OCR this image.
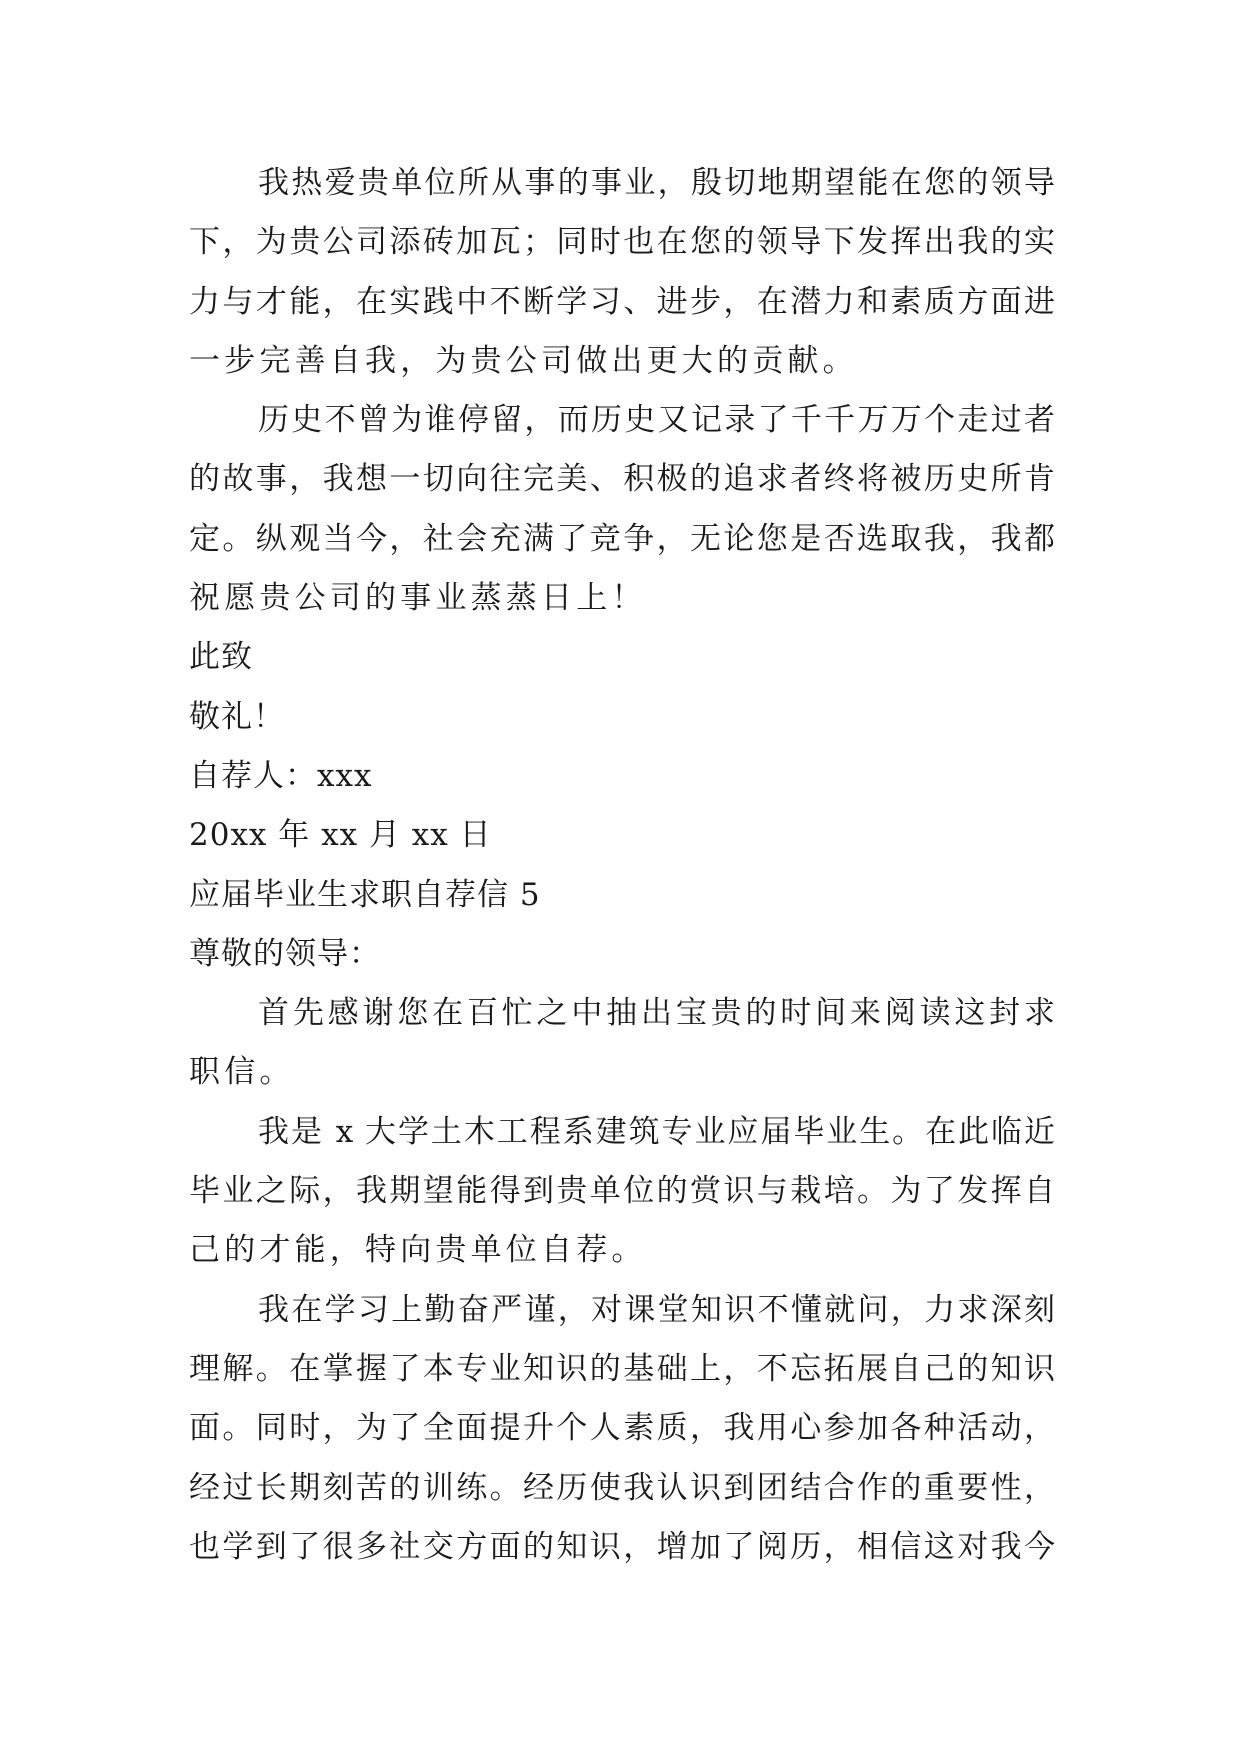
我热爱贵单位所从事的事业，殷切地期望能在您的领导
下，为贵公司添砖加瓦；同时也在您的领导下发挥出我的实
力与才能，在实践中不断学习、进步，在潜力和素质方面进
一步完善自我，为贵公司做出更大的贡献。
历史不曾为谁停留，而历史又记录了千千万万个走过者
的故事，我想一切向往完美、积极的追求者终将被历史所肯
定。纵观当今，社会充满了竞争，无论您是否选取我，我都
祝愿贵公司的事业蒸蒸日上！
此致
敬礼！
自荐人：xxx
20xx 年 xx 月 xx 日
应届毕业生求职自荐信 5
尊敬的领导：
首先感谢您在百忙之中抽出宝贵的时间来阅读这封求
职信。
我是 x 大学土木工程系建筑专业应届毕业生。在此临近
毕业之际，我期望能得到贵单位的赏识与栽培。为了发挥自
己的才能，特向贵单位自荐。
我在学习上勤奋严谨，对课堂知识不懂就问，力求深刻
理解。在掌握了本专业知识的基础上，不忘拓展自己的知识
面。同时，为了全面提升个人素质，我用心参加各种活动，
经过长期刻苦的训练。经历使我认识到团结合作的重要性，
也学到了很多社交方面的知识，增加了阅历，相信这对我今
